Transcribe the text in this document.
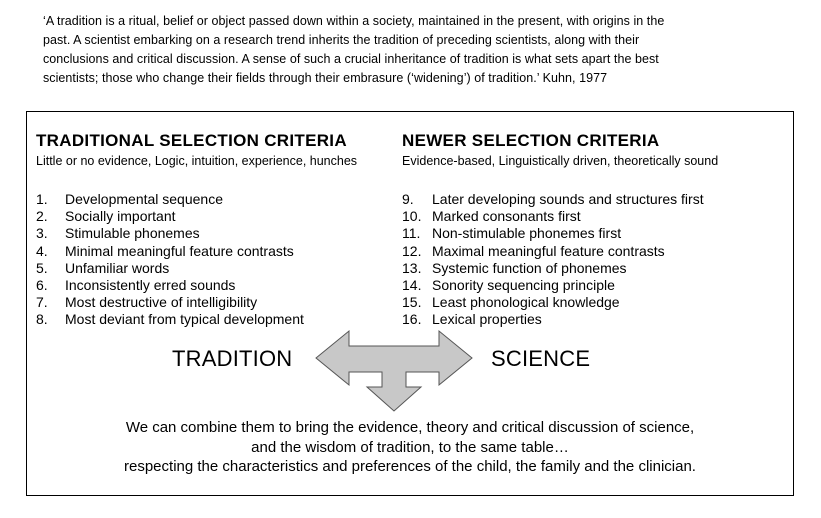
‘A tradition is a ritual, belief or object passed down within a society, maintained in the present, with origins in the
past. A scientist embarking on a research trend inherits the tradition of preceding scientists, along with their
conclusions and critical discussion. A sense of such a crucial inheritance of tradition is what sets apart the best
scientists; those who change their fields through their embrasure (‘widening’) of tradition.’ Kuhn, 1977
TRADITIONAL SELECTION CRITERIA
Little or no evidence, Logic, intuition, experience, hunches
1.	Developmental sequence
2.	Socially important
3.	Stimulable phonemes
4.	Minimal meaningful feature contrasts
5.	Unfamiliar words
6.	Inconsistently erred sounds
7.	Most destructive of intelligibility
8.	Most deviant from typical development
NEWER SELECTION CRITERIA
Evidence-based, Linguistically driven, theoretically sound
9.	Later developing sounds and structures first
10. Marked consonants first
11. Non-stimulable phonemes first
12. Maximal meaningful feature contrasts
13. Systemic function of phonemes
14. Sonority sequencing principle
15. Least phonological knowledge
16. Lexical properties
TRADITION	SCIENCE
We can combine them to bring the evidence, theory and critical discussion of science,
and the wisdom of tradition, to the same table…
respecting the characteristics and preferences of the child, the family and the clinician.
